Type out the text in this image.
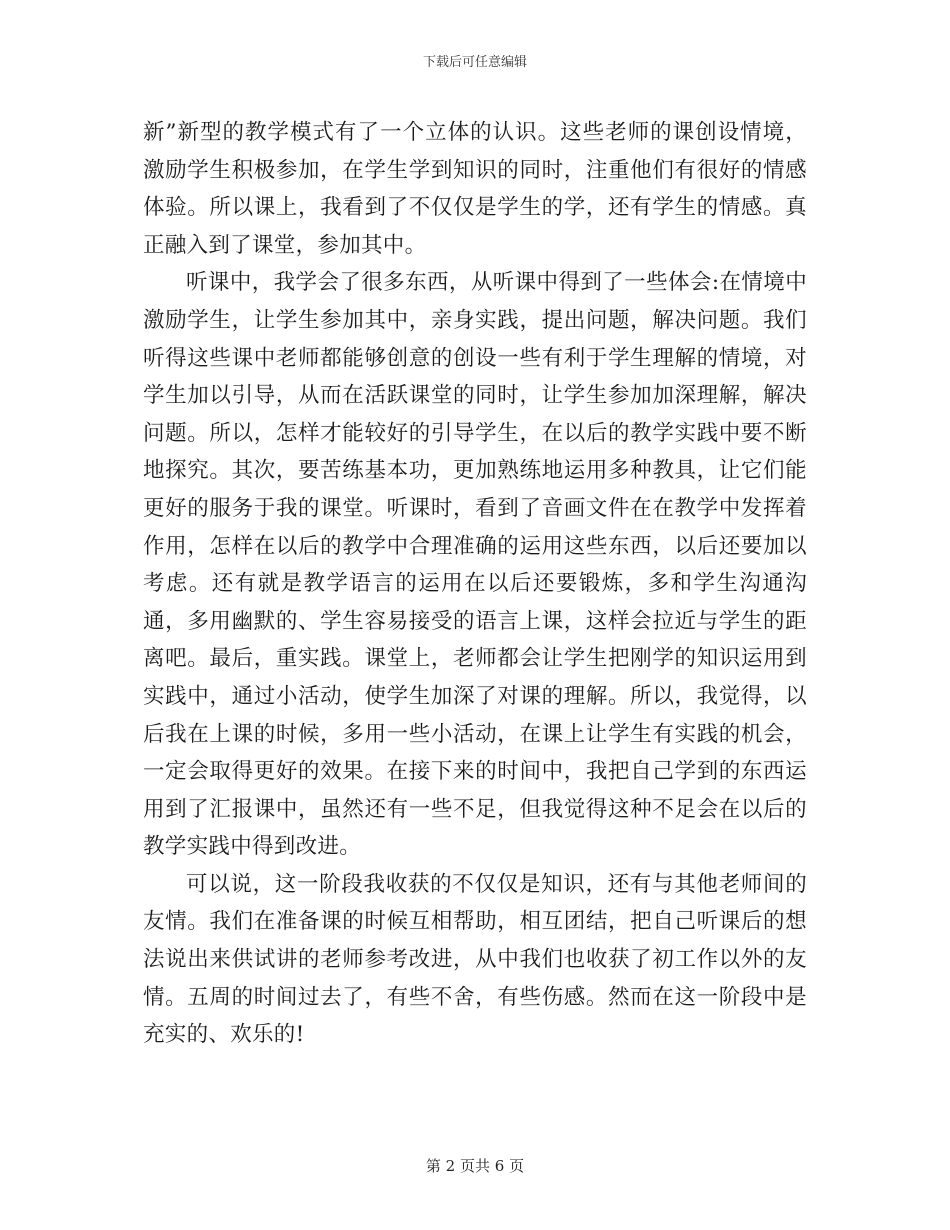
下载后可任意编辑

新”新型的教学模式有了一个立体的认识。这些老师的课创设情境，激励学生积极参加，在学生学到知识的同时，注重他们有很好的情感体验。所以课上，我看到了不仅仅是学生的学，还有学生的情感。真正融入到了课堂，参加其中。

听课中，我学会了很多东西，从听课中得到了一些体会:在情境中激励学生，让学生参加其中，亲身实践，提出问题，解决问题。我们听得这些课中老师都能够创意的创设一些有利于学生理解的情境，对学生加以引导，从而在活跃课堂的同时，让学生参加加深理解，解决问题。所以，怎样才能较好的引导学生，在以后的教学实践中要不断地探究。其次，要苦练基本功，更加熟练地运用多种教具，让它们能更好的服务于我的课堂。听课时，看到了音画文件在在教学中发挥着作用，怎样在以后的教学中合理准确的运用这些东西，以后还要加以考虑。还有就是教学语言的运用在以后还要锻炼，多和学生沟通沟通，多用幽默的、学生容易接受的语言上课，这样会拉近与学生的距离吧。最后，重实践。课堂上，老师都会让学生把刚学的知识运用到实践中，通过小活动，使学生加深了对课的理解。所以，我觉得，以后我在上课的时候，多用一些小活动，在课上让学生有实践的机会，一定会取得更好的效果。在接下来的时间中，我把自己学到的东西运用到了汇报课中，虽然还有一些不足，但我觉得这种不足会在以后的教学实践中得到改进。

可以说，这一阶段我收获的不仅仅是知识，还有与其他老师间的友情。我们在准备课的时候互相帮助，相互团结，把自己听课后的想法说出来供试讲的老师参考改进，从中我们也收获了初工作以外的友情。五周的时间过去了，有些不舍，有些伤感。然而在这一阶段中是充实的、欢乐的!

第 2 页共 6 页
